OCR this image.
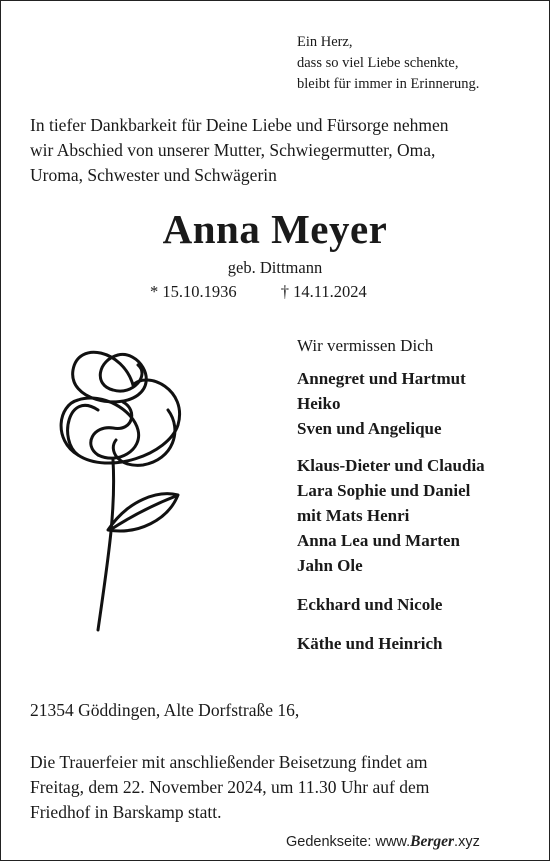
Ein Herz,
dass so viel Liebe schenkte,
bleibt für immer in Erinnerung.
In tiefer Dankbarkeit für Deine Liebe und Fürsorge nehmen
wir Abschied von unserer Mutter, Schwiegermutter, Oma,
Uroma, Schwester und Schwägerin
Anna Meyer
geb. Dittmann
* 15.10.1936	† 14.11.2024
Wir vermissen Dich
Annegret und Hartmut
Heiko
Sven und Angelique
Klaus-Dieter und Claudia
Lara Sophie und Daniel
mit Mats Henri
Anna Lea und Marten
Jahn Ole
Eckhard und Nicole
Käthe und Heinrich
21354 Göddingen, Alte Dorfstraße 16,
Die Trauerfeier mit anschließender Beisetzung findet am
Freitag, dem 22. November 2024, um 11.30 Uhr auf dem
Friedhof in Barskamp statt.
Gedenkseite: www.Berger.xyz
